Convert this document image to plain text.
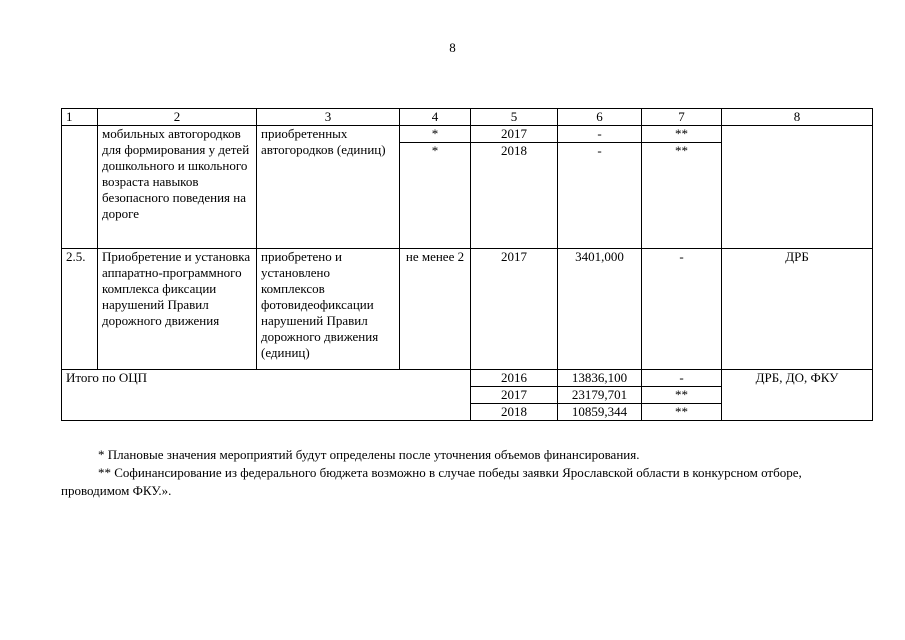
8
1	2	3	4	5	6	7	8
	мобильных автогородков для формирования у детей дошкольного и школьного возраста навыков безопасного поведения на дороге	приобретенных автогородков (единиц)	*	2017	-	**	
			*	2018	-	**	
2.5.	Приобретение и установка аппаратно-программного комплекса фиксации нарушений Правил дорожного движения	приобретено и установлено комплексов фотовидеофиксации нарушений Правил дорожного движения (единиц)	не менее 2	2017	3401,000	-	ДРБ
Итого по ОЦП				2016	13836,100	-	ДРБ, ДО, ФКУ
				2017	23179,701	**	
				2018	10859,344	**	

* Плановые значения мероприятий будут определены после уточнения объемов финансирования.

** Софинансирование из федерального бюджета возможно в случае победы заявки Ярославской области в конкурсном отборе, проводимом ФКУ.».
